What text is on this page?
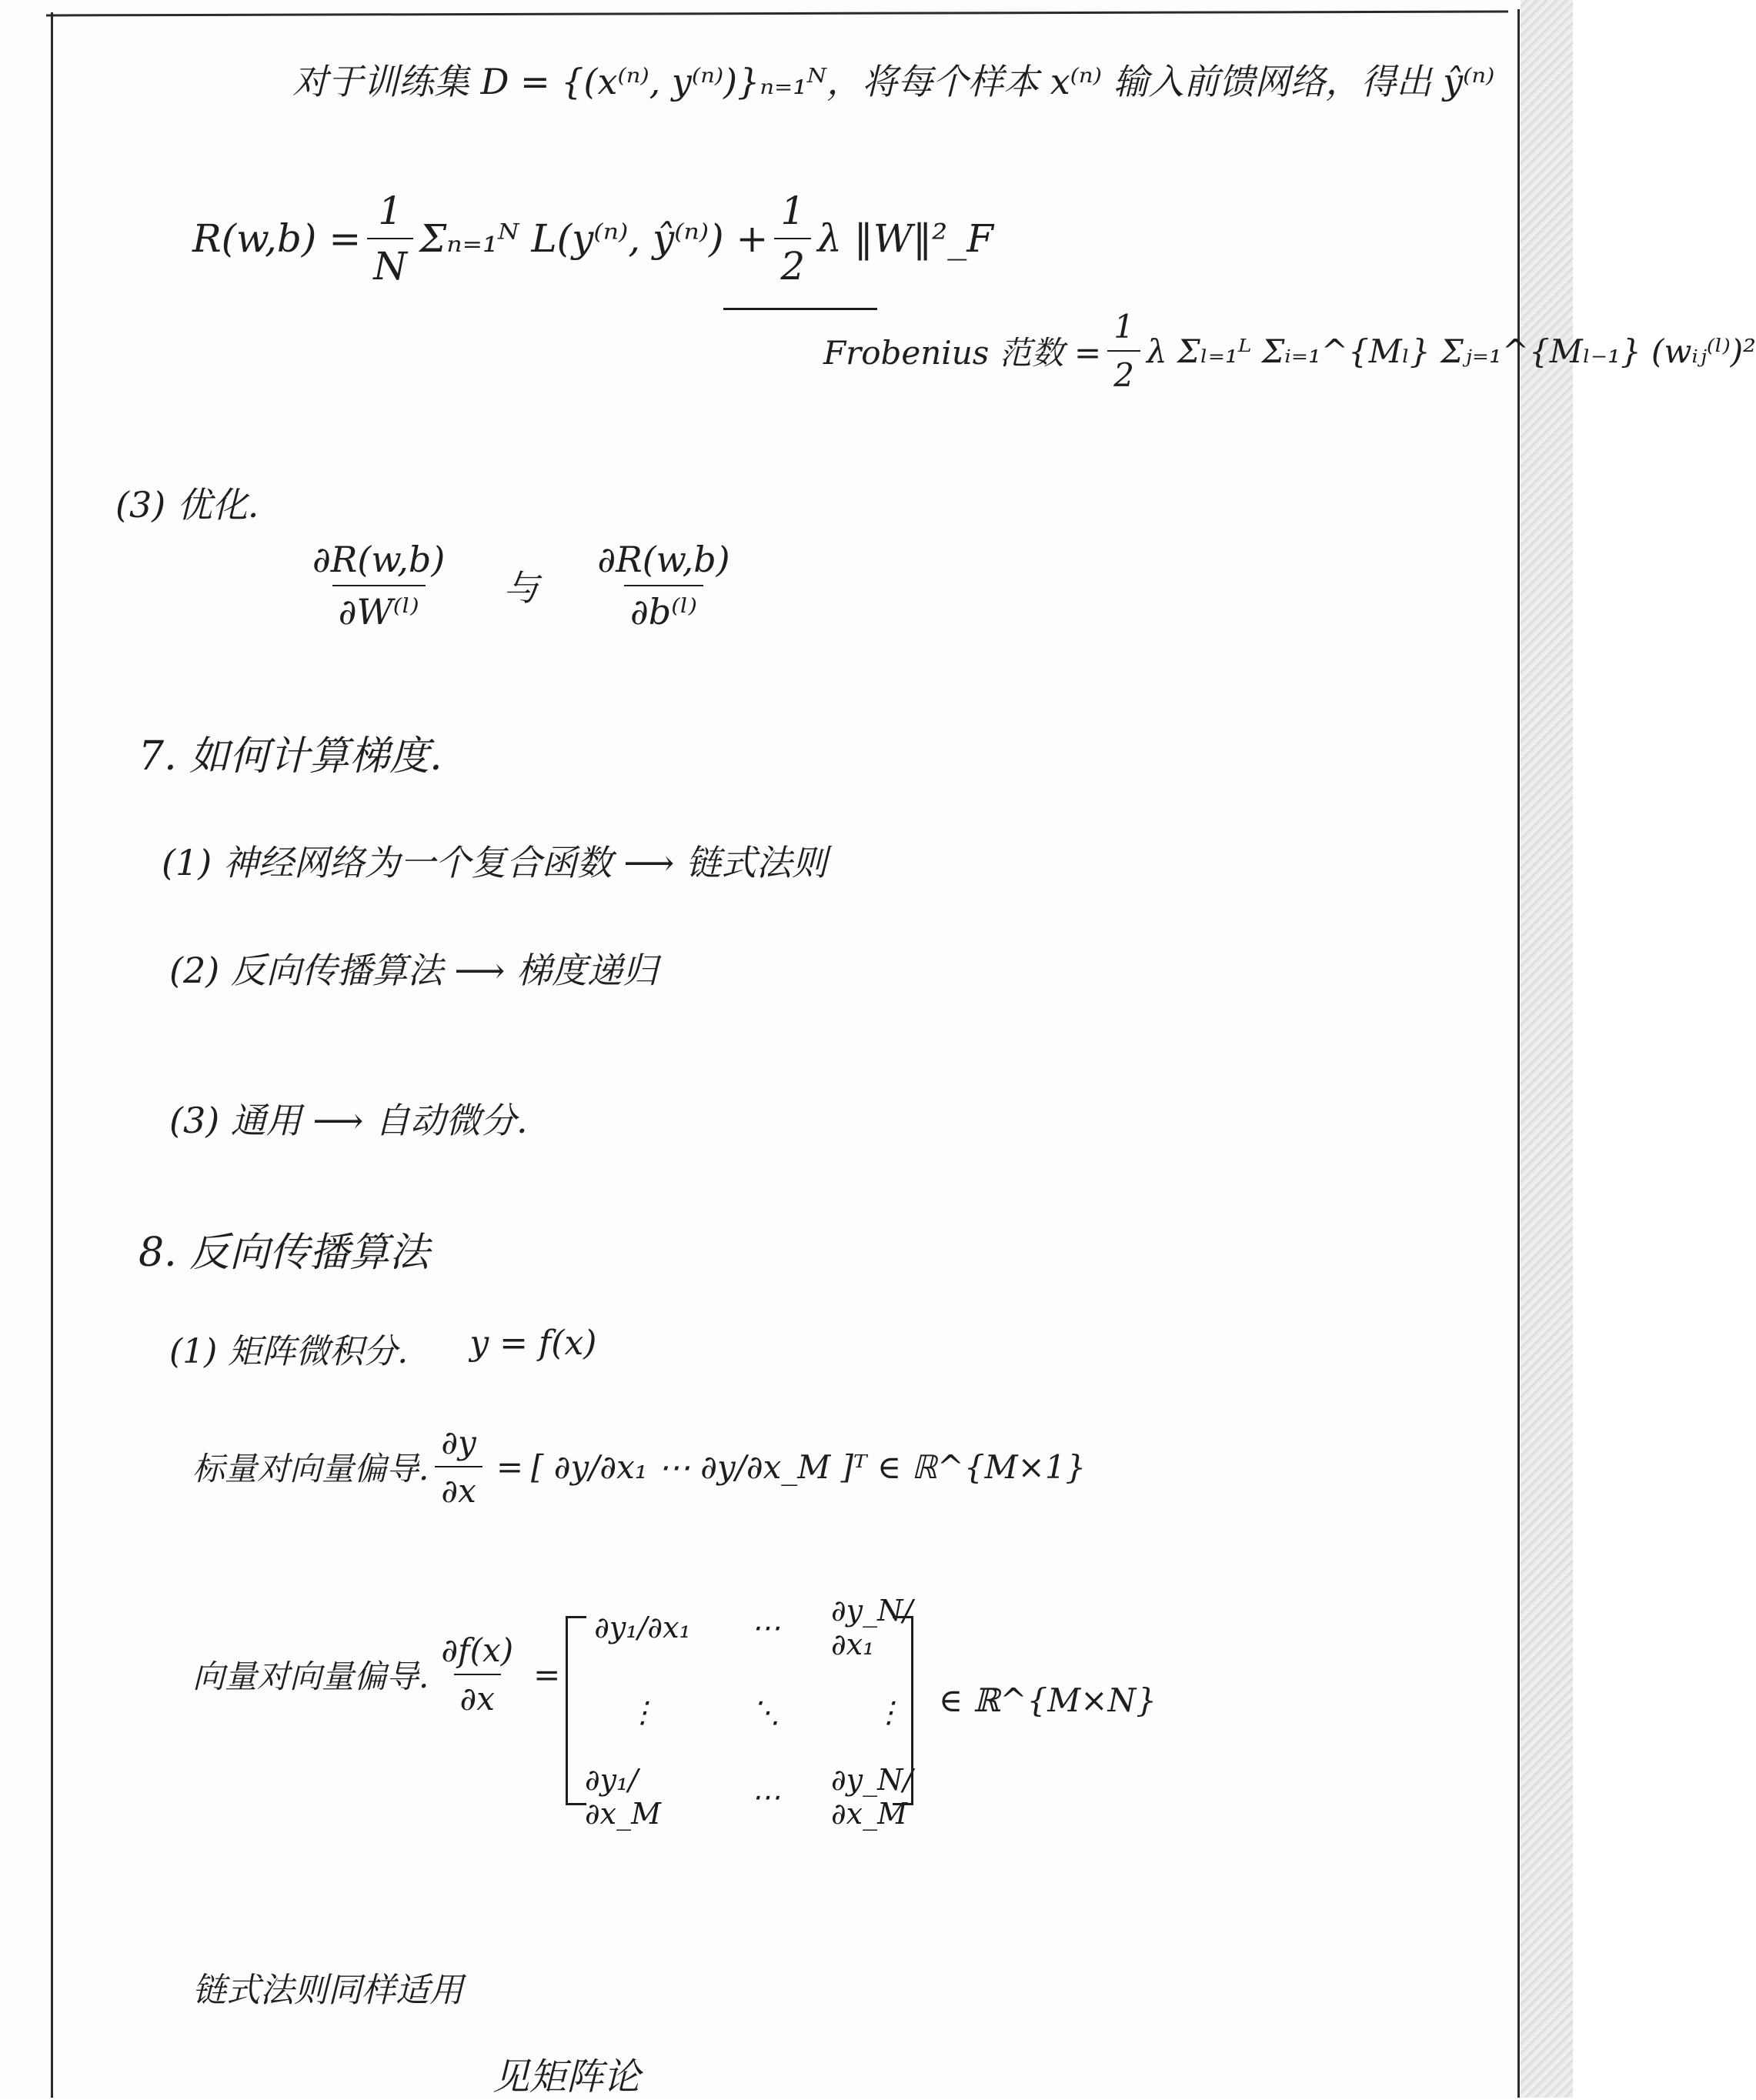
对于训练集 D = {(x⁽ⁿ⁾, y⁽ⁿ⁾)}ₙ₌₁ᴺ，将每个样本 x⁽ⁿ⁾ 输入前馈网络，得出 ŷ⁽ⁿ⁾
$R(w,b) = \frac{1}{N}$ Σₙ₌₁ᴺ L(y⁽ⁿ⁾, ŷ⁽ⁿ⁾) + $\frac{1}{2}$ λ ‖W‖²_F
Frobenius 范数 = $\frac{1}{2}$ λ Σₗ₌₁ᴸ Σᵢ₌₁^{Mₗ} Σⱼ₌₁^{Mₗ₋₁} (wᵢⱼ⁽ˡ⁾)²
(3) 优化.
$\frac{\partial R(w,b)}{\text{∂W⁽ˡ⁾}}$ 与 $\frac{\partial R(w,b)}{\text{∂b⁽ˡ⁾}}$
7. 如何计算梯度.
(1) 神经网络为一个复合函数 ⟶ 链式法则
(2) 反向传播算法 ⟶ 梯度递归
(3) 通用 ⟶ 自动微分.
8. 反向传播算法
(1) 矩阵微积分. y = f(x)
标量对向量偏导. $\frac{\partial y}{\partial x}$ = [ ∂y/∂x₁ ⋯ ∂y/∂x_M ]ᵀ ∈ ℝ^{M×1}
向量对向量偏导. $\frac{\partial f(x)}{\partial x}$ =
∂y₁/∂x₁ ⋯ ∂y_N/∂x₁
⋮	⋱	⋮
∂y₁/∂x_M	⋯ ∂y_N/∂x_M
∈ ℝ^{M×N}
链式法则同样适用
见矩阵论
